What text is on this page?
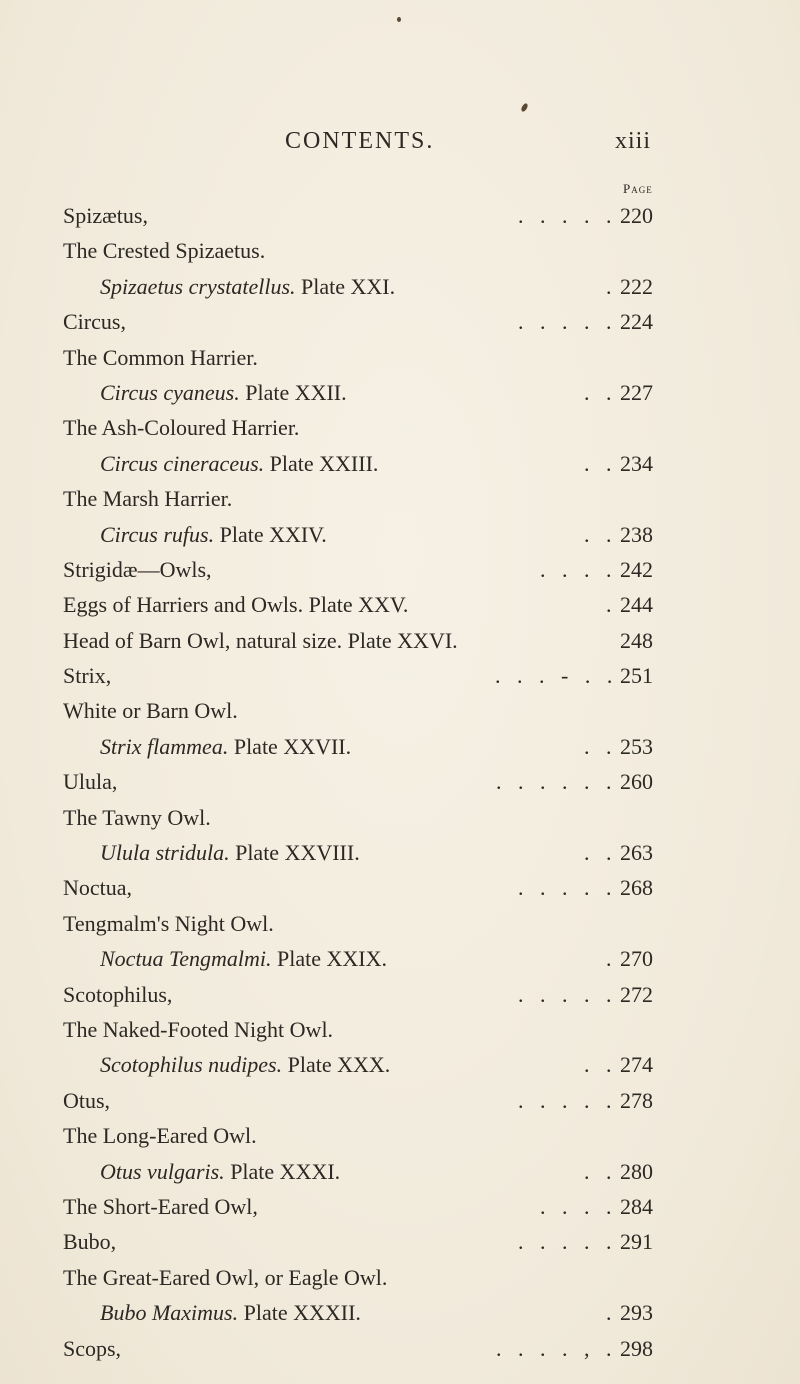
CONTENTS.	xiii
Page
Spizætus,	.   .   .   .   . 220
The Crested Spizaetus.
Spizaetus crystatellus. Plate XXI.	. 222
Circus,	.   .   .   .   . 224
The Common Harrier.
Circus cyaneus. Plate XXII.	.   . 227
The Ash-Coloured Harrier.
Circus cineraceus. Plate XXIII.	.   . 234
The Marsh Harrier.
Circus rufus. Plate XXIV.	.   . 238
Strigidæ—Owls,	.   .   .   . 242
Eggs of Harriers and Owls. Plate XXV.	. 244
Head of Barn Owl, natural size. Plate XXVI.	248
Strix,	.   .   .   -   .   . 251
White or Barn Owl.
Strix flammea. Plate XXVII.	.   . 253
Ulula,	.   .   .   .   .   . 260
The Tawny Owl.
Ulula stridula. Plate XXVIII.	.   . 263
Noctua,	.   .   .   .   . 268
Tengmalm's Night Owl.
Noctua Tengmalmi. Plate XXIX.	. 270
Scotophilus,	.   .   .   .   . 272
The Naked-Footed Night Owl.
Scotophilus nudipes. Plate XXX.	.   . 274
Otus,	.   .   .   .   . 278
The Long-Eared Owl.
Otus vulgaris. Plate XXXI.	.   . 280
The Short-Eared Owl,	.   .   .   . 284
Bubo,	.   .   .   .   . 291
The Great-Eared Owl, or Eagle Owl.
Bubo Maximus. Plate XXXII.	. 293
Scops,	.   .   .   .   ,   . 298
